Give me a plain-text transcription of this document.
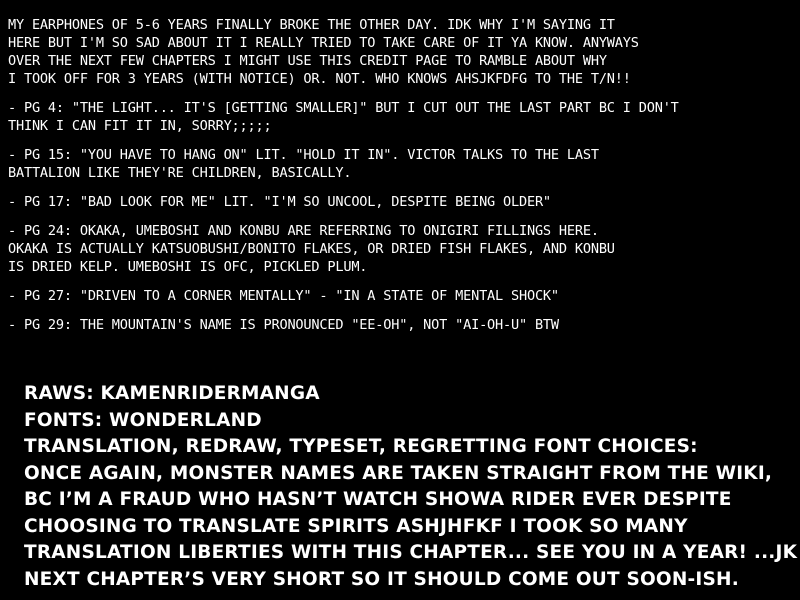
MY EARPHONES OF 5-6 YEARS FINALLY BROKE THE OTHER DAY. IDK WHY I'M SAYING IT
HERE BUT I'M SO SAD ABOUT IT I REALLY TRIED TO TAKE CARE OF IT YA KNOW. ANYWAYS
OVER THE NEXT FEW CHAPTERS I MIGHT USE THIS CREDIT PAGE TO RAMBLE ABOUT WHY
I TOOK OFF FOR 3 YEARS (WITH NOTICE) OR. NOT. WHO KNOWS AHSJKFDFG TO THE T/N!!
- PG 4: "THE LIGHT... IT'S [GETTING SMALLER]" BUT I CUT OUT THE LAST PART BC I DON'T
THINK I CAN FIT IT IN, SORRY;;;;;
- PG 15: "YOU HAVE TO HANG ON" LIT. "HOLD IT IN". VICTOR TALKS TO THE LAST
BATTALION LIKE THEY'RE CHILDREN, BASICALLY.
- PG 17: "BAD LOOK FOR ME" LIT. "I'M SO UNCOOL, DESPITE BEING OLDER"
- PG 24: OKAKA, UMEBOSHI AND KONBU ARE REFERRING TO ONIGIRI FILLINGS HERE.
OKAKA IS ACTUALLY KATSUOBUSHI/BONITO FLAKES, OR DRIED FISH FLAKES, AND KONBU
IS DRIED KELP. UMEBOSHI IS OFC, PICKLED PLUM.
- PG 27: "DRIVEN TO A CORNER MENTALLY" - "IN A STATE OF MENTAL SHOCK"
- PG 29: THE MOUNTAIN'S NAME IS PRONOUNCED "EE-OH", NOT "AI-OH-U" BTW
RAWS: KAMENRIDERMANGA
FONTS: WONDERLAND
TRANSLATION, REDRAW, TYPESET, REGRETTING FONT CHOICES:
ONCE AGAIN, MONSTER NAMES ARE TAKEN STRAIGHT FROM THE WIKI,
BC I’M A FRAUD WHO HASN’T WATCH SHOWA RIDER EVER DESPITE
CHOOSING TO TRANSLATE SPIRITS ASHJHFKF I TOOK SO MANY
TRANSLATION LIBERTIES WITH THIS CHAPTER... SEE YOU IN A YEAR! ...JK
NEXT CHAPTER’S VERY SHORT SO IT SHOULD COME OUT SOON-ISH.
